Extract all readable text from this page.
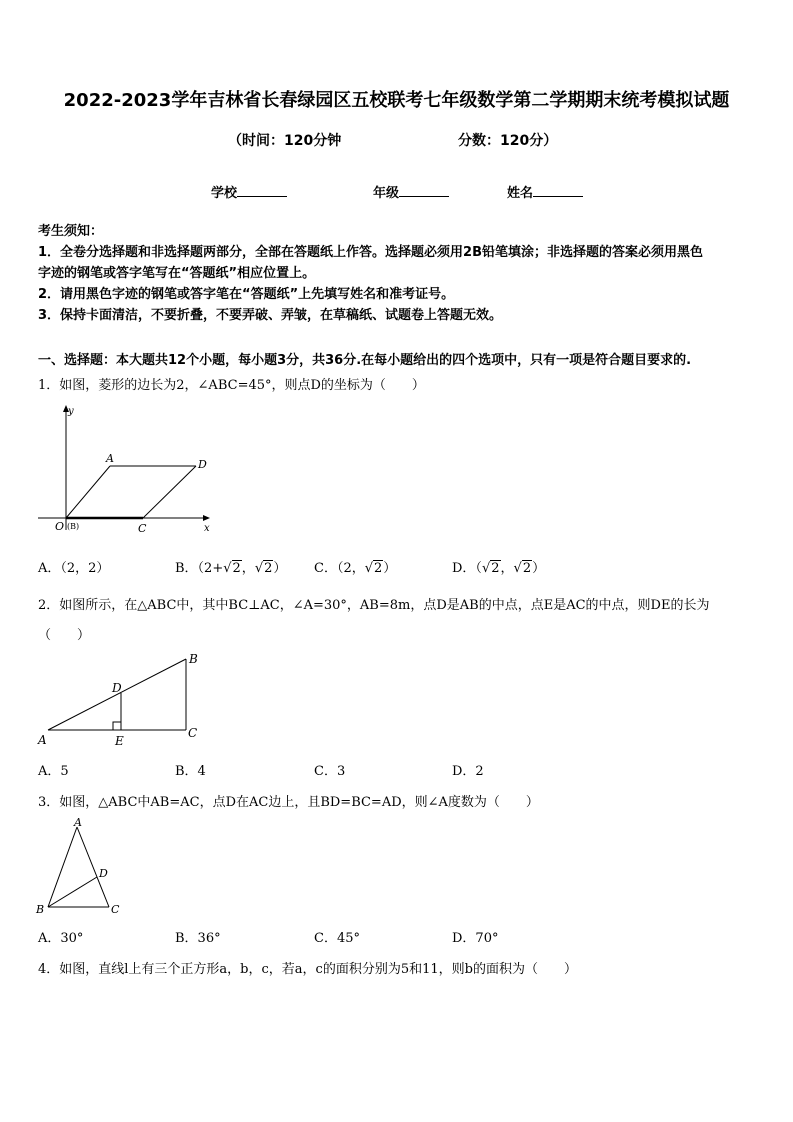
2022-2023学年吉林省长春绿园区五校联考七年级数学第二学期期末统考模拟试题
（时间：120分钟	分数：120分）
学校	年级	姓名
考生须知：
1．全卷分选择题和非选择题两部分，全部在答题纸上作答。选择题必须用2B铅笔填涂；非选择题的答案必须用黑色
字迹的钢笔或答字笔写在“答题纸”相应位置上。
2．请用黑色字迹的钢笔或答字笔在“答题纸”上先填写姓名和准考证号。
3．保持卡面清洁，不要折叠，不要弄破、弄皱，在草稿纸、试题卷上答题无效。
一、选择题：本大题共12个小题，每小题3分，共36分.在每小题给出的四个选项中，只有一项是符合题目要求的.
1．如图，菱形的边长为2，∠ABC=45°，则点D的坐标为（　　）
y
x
A	D
O (B)	C
A．（2，2）	B．（2+√2，√2） C．（2，√2）	D．（√2，√2）
2．如图所示，在△ABC中，其中BC⊥AC，∠A=30°，AB=8m，点D是AB的中点，点E是AC的中点，则DE的长为
（　　）
A
B
C
D
E
A．5	B．4	C．3	D．2
3．如图，△ABC中AB=AC，点D在AC边上，且BD=BC=AD，则∠A度数为（　　）
A
B	C
D
A．30°	B．36°	C．45°	D．70°
4．如图，直线l上有三个正方形a，b，c，若a，c的面积分别为5和11，则b的面积为（　　）
